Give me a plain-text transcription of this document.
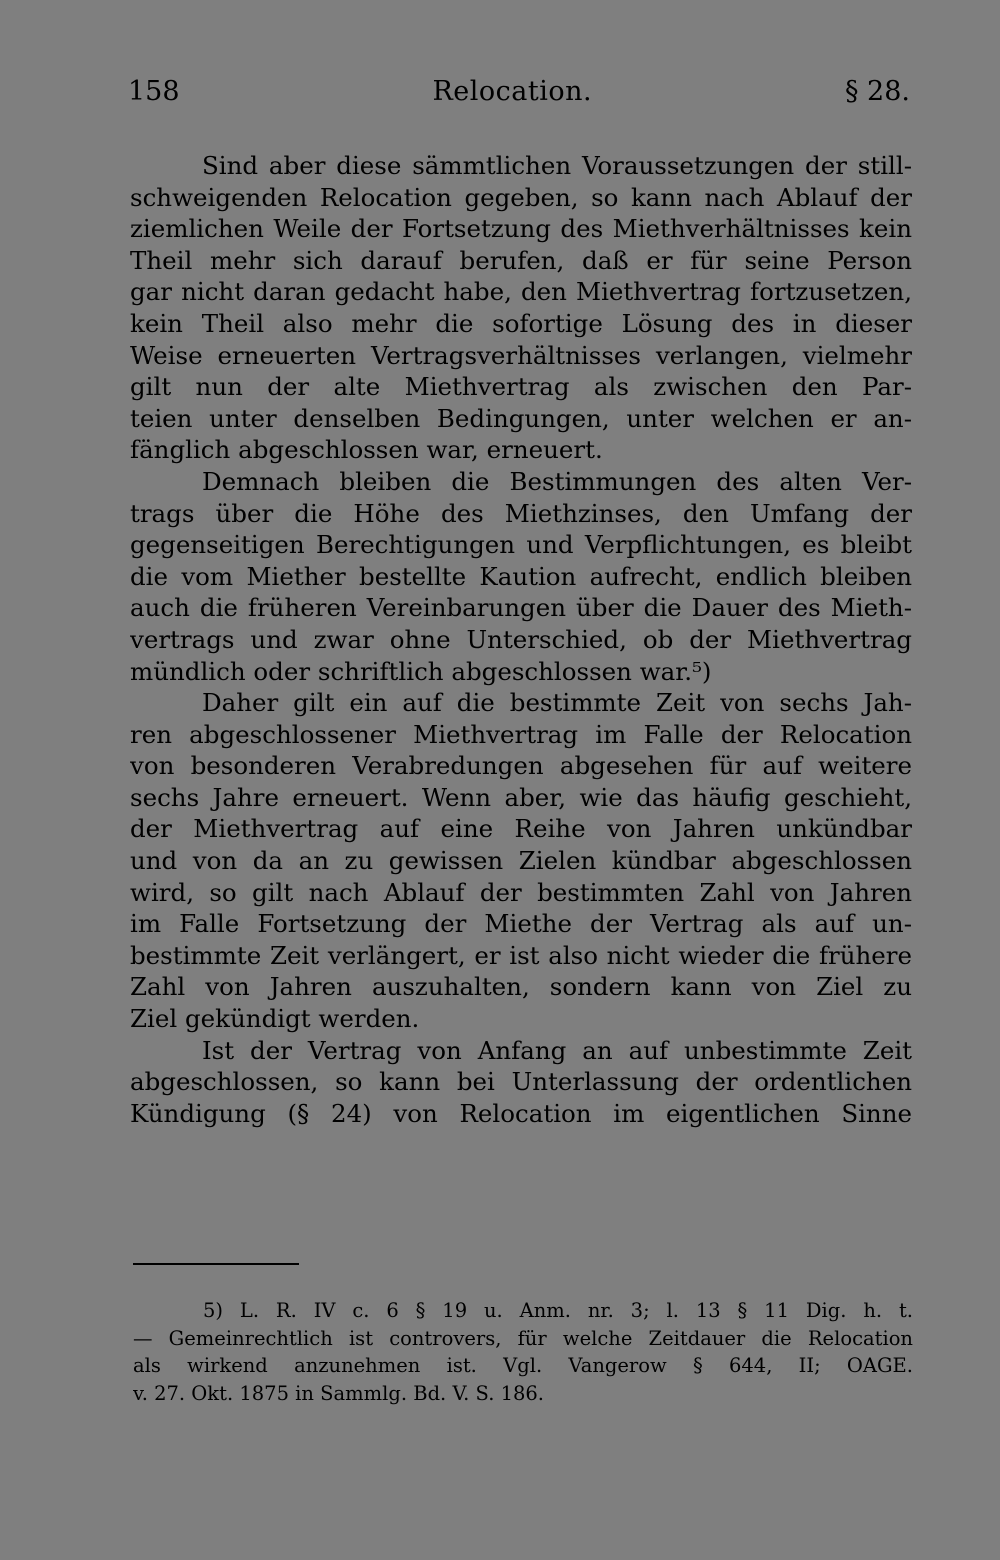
158	Relocation.	§ 28.
Sind aber diese sämmtlichen Voraussetzungen der still-
schweigenden Relocation gegeben, so kann nach Ablauf der
ziemlichen Weile der Fortsetzung des Miethverhältnisses kein
Theil mehr sich darauf berufen, daß er für seine Person
gar nicht daran gedacht habe, den Miethvertrag fortzusetzen,
kein Theil also mehr die sofortige Lösung des in dieser
Weise erneuerten Vertragsverhältnisses verlangen, vielmehr
gilt nun der alte Miethvertrag als zwischen den Par-
teien unter denselben Bedingungen, unter welchen er an-
fänglich abgeschlossen war, erneuert.
Demnach bleiben die Bestimmungen des alten Ver-
trags über die Höhe des Miethzinses, den Umfang der
gegenseitigen Berechtigungen und Verpflichtungen, es bleibt
die vom Miether bestellte Kaution aufrecht, endlich bleiben
auch die früheren Vereinbarungen über die Dauer des Mieth-
vertrags und zwar ohne Unterschied, ob der Miethvertrag
mündlich oder schriftlich abgeschlossen war.⁵)
Daher gilt ein auf die bestimmte Zeit von sechs Jah-
ren abgeschlossener Miethvertrag im Falle der Relocation
von besonderen Verabredungen abgesehen für auf weitere
sechs Jahre erneuert. Wenn aber, wie das häufig geschieht,
der Miethvertrag auf eine Reihe von Jahren unkündbar
und von da an zu gewissen Zielen kündbar abgeschlossen
wird, so gilt nach Ablauf der bestimmten Zahl von Jahren
im Falle Fortsetzung der Miethe der Vertrag als auf un-
bestimmte Zeit verlängert, er ist also nicht wieder die frühere
Zahl von Jahren auszuhalten, sondern kann von Ziel zu
Ziel gekündigt werden.
Ist der Vertrag von Anfang an auf unbestimmte Zeit
abgeschlossen, so kann bei Unterlassung der ordentlichen
Kündigung (§ 24) von Relocation im eigentlichen Sinne
5) L. R. IV c. 6 § 19 u. Anm. nr. 3; l. 13 § 11 Dig. h. t.
— Gemeinrechtlich ist controvers, für welche Zeitdauer die Relocation
als wirkend anzunehmen ist. Vgl. Vangerow § 644, II; OAGE.
v. 27. Okt. 1875 in Sammlg. Bd. V. S. 186.
